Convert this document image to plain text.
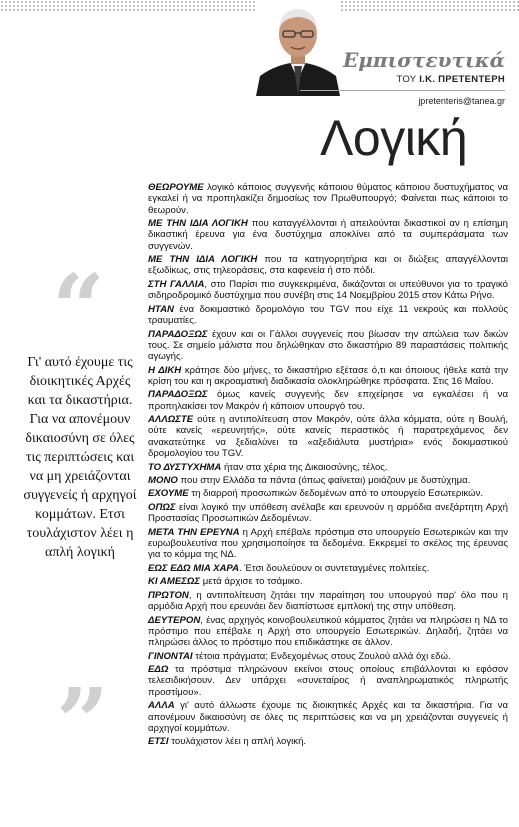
Εμπιστευτικά
ΤΟΥ Ι.Κ. ΠΡΕΤΕΝΤΕΡΗ
jpretenteris@tanea.gr
Λογική
“
Γι' αυτό έχουμε τις διοικητικές Αρχές και τα δικαστήρια. Για να απονέμουν δικαιοσύνη σε όλες τις περιπτώσεις και να μη χρειάζονται συγγενείς ή αρχηγοί κομμάτων. Ετσι τουλάχιστον λέει η απλή λογική
”

ΘΕΩΡΟΥΜΕ λογικό κάποιος συγγενής κάποιου θύματος κάποιου δυστυχήματος να εγκαλεί ή να προπηλακίζει δημοσίως τον Πρωθυπουργό; Φαίνεται πως κάποιοι το θεωρούν.

ΜΕ ΤΗΝ ΙΔΙΑ ΛΟΓΙΚΗ που καταγγέλλονται ή απειλούνται δικαστικοί αν η επίσημη δικαστική έρευνα για ένα δυστύχημα αποκλίνει από τα συμπεράσματα των συγγενών.

ΜΕ ΤΗΝ ΙΔΙΑ ΛΟΓΙΚΗ που τα κατηγορητήρια και οι διώξεις απαγγέλλονται εξωδίκως, στις τηλεοράσεις, στα καφενεία ή στο πόδι.

ΣΤΗ ΓΑΛΛΙΑ, στο Παρίσι πιο συγκεκριμένα, δικάζονται οι υπεύθυνοι για το τραγικό σιδηροδρομικό δυστύχημα που συνέβη στις 14 Νοεμβρίου 2015 στον Κάτω Ρήνο.

ΗΤΑΝ ένα δοκιμαστικό δρομολόγιο του TGV που είχε 11 νεκρούς και πολλούς τραυματίες.

ΠΑΡΑΔΟΞΩΣ έχουν και οι Γάλλοι συγγενείς που βίωσαν την απώλεια των δικών τους. Σε σημείο μάλιστα που δηλώθηκαν στο δικαστήριο 89 παραστάσεις πολιτικής αγωγής.

Η ΔΙΚΗ κράτησε δύο μήνες, το δικαστήριο εξέτασε ό,τι και όποιους ήθελε κατά την κρίση του και η ακροαματική διαδικασία ολοκληρώθηκε πρόσφατα. Στις 16 Μαΐου.

ΠΑΡΑΔΟΞΩΣ όμως κανείς συγγενής δεν επιχείρησε να εγκαλέσει ή να προπηλακίσει τον Μακρόν ή κάποιον υπουργό του.

ΑΛΛΩΣΤΕ ούτε η αντιπολίτευση στον Μακρόν, ούτε άλλα κόμματα, ούτε η Βουλή, ούτε κανείς «ερευνητής», ούτε κανείς περαστικός ή παρατρεχάμενος δεν ανακατεύτηκε να ξεδιαλύνει τα «αξεδιάλυτα μυστήρια» ενός δοκιμαστικού δρομολογίου του TGV.

ΤΟ ΔΥΣΤΥΧΗΜΑ ήταν στα χέρια της Δικαιοσύνης, τέλος.

ΜΟΝΟ που στην Ελλάδα τα πάντα (όπως φαίνεται) μοιάζουν με δυστύχημα.

ΕΧΟΥΜΕ τη διαρροή προσωπικών δεδομένων από το υπουργείο Εσωτερικών.

ΟΠΩΣ είναι λογικό την υπόθεση ανέλαβε και ερευνούν η αρμόδια ανεξάρτητη Αρχή Προστασίας Προσωπικών Δεδομένων.

ΜΕΤΑ ΤΗΝ ΕΡΕΥΝΑ η Αρχή επέβαλε πρόστιμα στο υπουργείο Εσωτερικών και την ευρωβουλευτίνα που χρησιμοποίησε τα δεδομένα. Εκκρεμεί το σκέλος της έρευνας για το κόμμα της ΝΔ.

ΕΩΣ ΕΔΩ ΜΙΑ ΧΑΡΑ. Έτσι δουλεύουν οι συντεταγμένες πολιτείες.

ΚΙ ΑΜΕΣΩΣ μετά άρχισε το τσάμικο.

ΠΡΩΤΟΝ, η αντιπολίτευση ζητάει την παραίτηση του υπουργού παρ' όλο που η αρμόδια Αρχή που ερευνάει δεν διαπίστωσε εμπλοκή της στην υπόθεση.

ΔΕΥΤΕΡΟΝ, ένας αρχηγός κοινοβουλευτικού κόμματος ζητάει να πληρώσει η ΝΔ το πρόστιμο που επέβαλε η Αρχή στο υπουργείο Εσωτερικών. Δηλαδή, ζητάει να πληρώσει άλλος το πρόστιμο που επιδικάστηκε σε άλλον.

ΓΙΝΟΝΤΑΙ τέτοια πράγματα; Ενδεχομένως στους Ζουλού αλλά όχι εδώ.

ΕΔΩ τα πρόστιμα πληρώνουν εκείνοι στους οποίους επιβάλλονται κι εφόσον τελεσιδικήσουν. Δεν υπάρχει «συνεταίρος ή αναπληρωματικός πληρωτής προστίμου».

ΑΛΛΑ γι' αυτό άλλωστε έχουμε τις διοικητικές Αρχές και τα δικαστήρια. Για να απονέμουν δικαιοσύνη σε όλες τις περιπτώσεις και να μη χρειάζονται συγγενείς ή αρχηγοί κομμάτων.

ΕΤΣΙ τουλάχιστον λέει η απλή λογική.
